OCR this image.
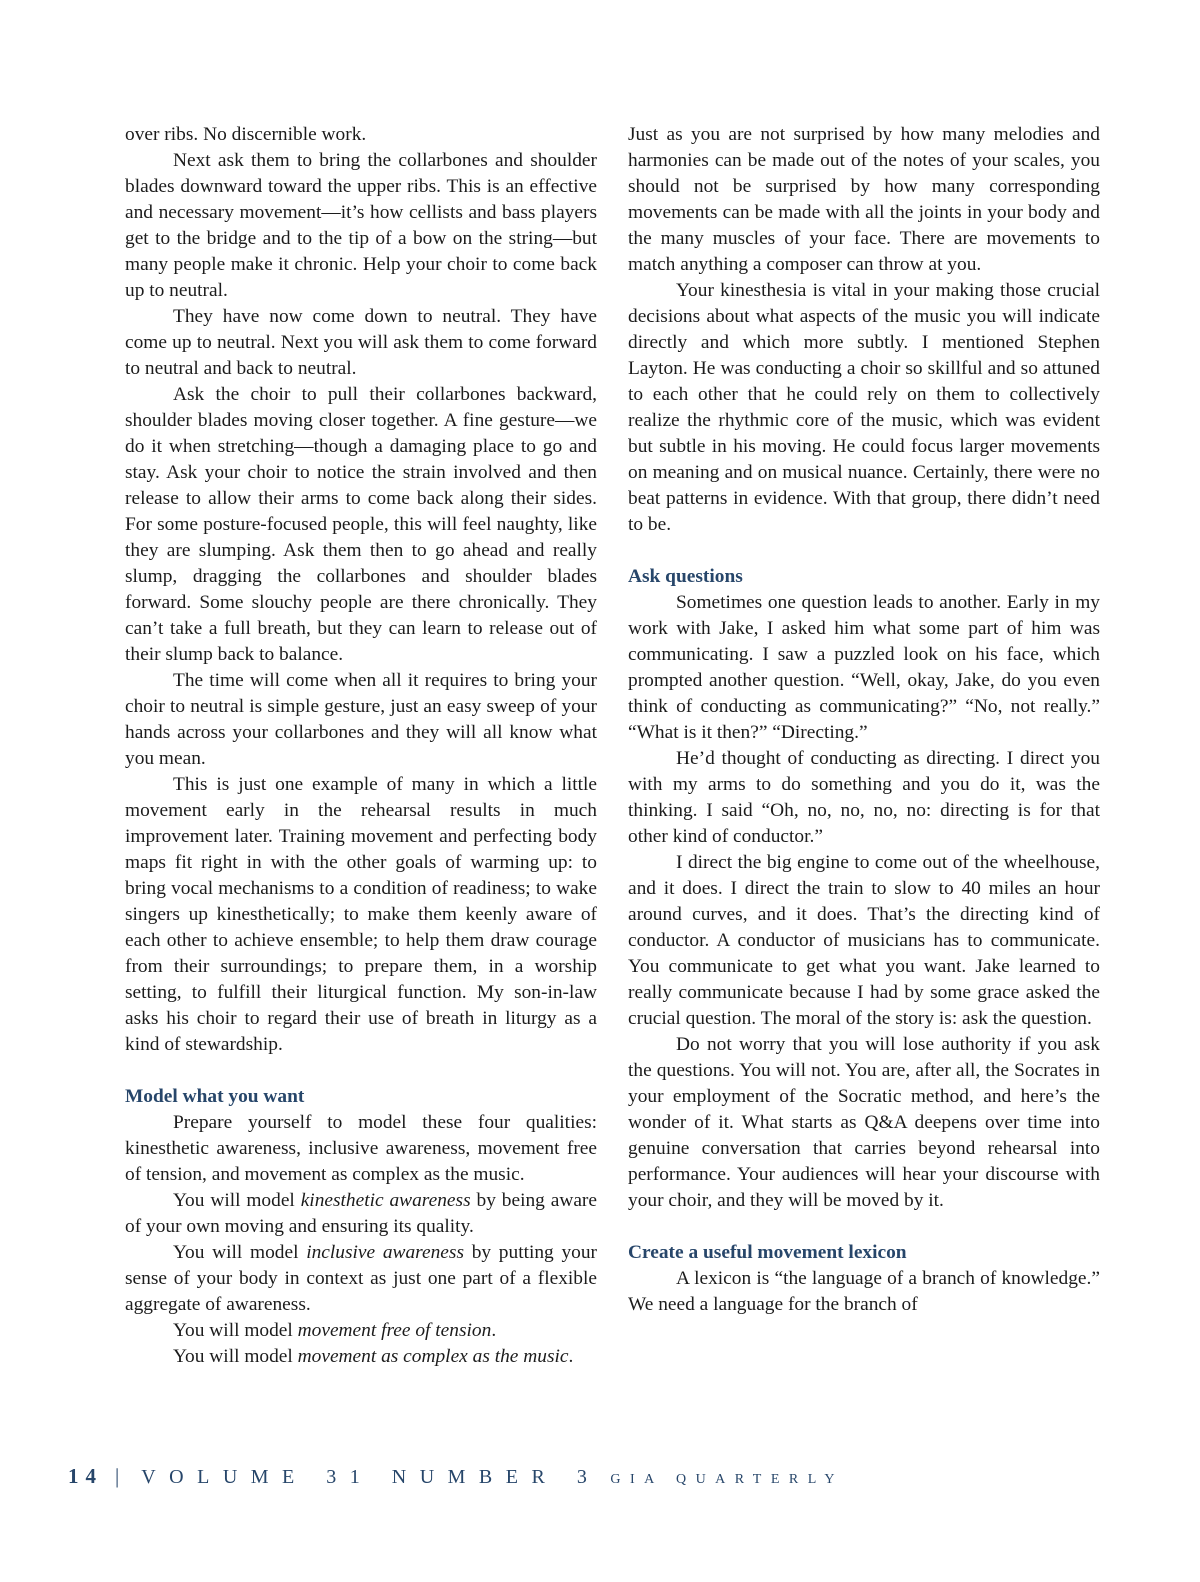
over ribs. No discernible work.

Next ask them to bring the collarbones and shoulder blades downward toward the upper ribs. This is an effective and necessary movement—it’s how cellists and bass players get to the bridge and to the tip of a bow on the string—but many people make it chronic. Help your choir to come back up to neutral.

They have now come down to neutral. They have come up to neutral. Next you will ask them to come forward to neutral and back to neutral.

Ask the choir to pull their collarbones backward, shoulder blades moving closer together. A fine gesture—we do it when stretching—though a damaging place to go and stay. Ask your choir to notice the strain involved and then release to allow their arms to come back along their sides. For some posture-focused people, this will feel naughty, like they are slumping. Ask them then to go ahead and really slump, dragging the collarbones and shoulder blades forward. Some slouchy people are there chronically. They can’t take a full breath, but they can learn to release out of their slump back to balance.

The time will come when all it requires to bring your choir to neutral is simple gesture, just an easy sweep of your hands across your collarbones and they will all know what you mean.

This is just one example of many in which a little movement early in the rehearsal results in much improvement later. Training movement and perfecting body maps fit right in with the other goals of warming up: to bring vocal mechanisms to a condition of readiness; to wake singers up kinesthetically; to make them keenly aware of each other to achieve ensemble; to help them draw courage from their surroundings; to prepare them, in a worship setting, to fulfill their liturgical function. My son-in-law asks his choir to regard their use of breath in liturgy as a kind of stewardship.

Model what you want

Prepare yourself to model these four qualities: kinesthetic awareness, inclusive awareness, movement free of tension, and movement as complex as the music.

You will model kinesthetic awareness by being aware of your own moving and ensuring its quality.

You will model inclusive awareness by putting your sense of your body in context as just one part of a flexible aggregate of awareness.

You will model movement free of tension.

You will model movement as complex as the music.

Just as you are not surprised by how many melodies and harmonies can be made out of the notes of your scales, you should not be surprised by how many corresponding movements can be made with all the joints in your body and the many muscles of your face. There are movements to match anything a composer can throw at you.

Your kinesthesia is vital in your making those crucial decisions about what aspects of the music you will indicate directly and which more subtly. I mentioned Stephen Layton. He was conducting a choir so skillful and so attuned to each other that he could rely on them to collectively realize the rhythmic core of the music, which was evident but subtle in his moving. He could focus larger movements on meaning and on musical nuance. Certainly, there were no beat patterns in evidence. With that group, there didn’t need to be.

Ask questions

Sometimes one question leads to another. Early in my work with Jake, I asked him what some part of him was communicating. I saw a puzzled look on his face, which prompted another question. “Well, okay, Jake, do you even think of conducting as communicating?” “No, not really.” “What is it then?” “Directing.”

He’d thought of conducting as directing. I direct you with my arms to do something and you do it, was the thinking. I said “Oh, no, no, no, no: directing is for that other kind of conductor.”

I direct the big engine to come out of the wheelhouse, and it does. I direct the train to slow to 40 miles an hour around curves, and it does. That’s the directing kind of conductor. A conductor of musicians has to communicate. You communicate to get what you want. Jake learned to really communicate because I had by some grace asked the crucial question. The moral of the story is: ask the question.

Do not worry that you will lose authority if you ask the questions. You will not. You are, after all, the Socrates in your employment of the Socratic method, and here’s the wonder of it. What starts as Q&A deepens over time into genuine conversation that carries beyond rehearsal into performance. Your audiences will hear your discourse with your choir, and they will be moved by it.

Create a useful movement lexicon

A lexicon is “the language of a branch of knowledge.” We need a language for the branch of

14 | VOLUME 31 NUMBER 3 GIA QUARTERLY
